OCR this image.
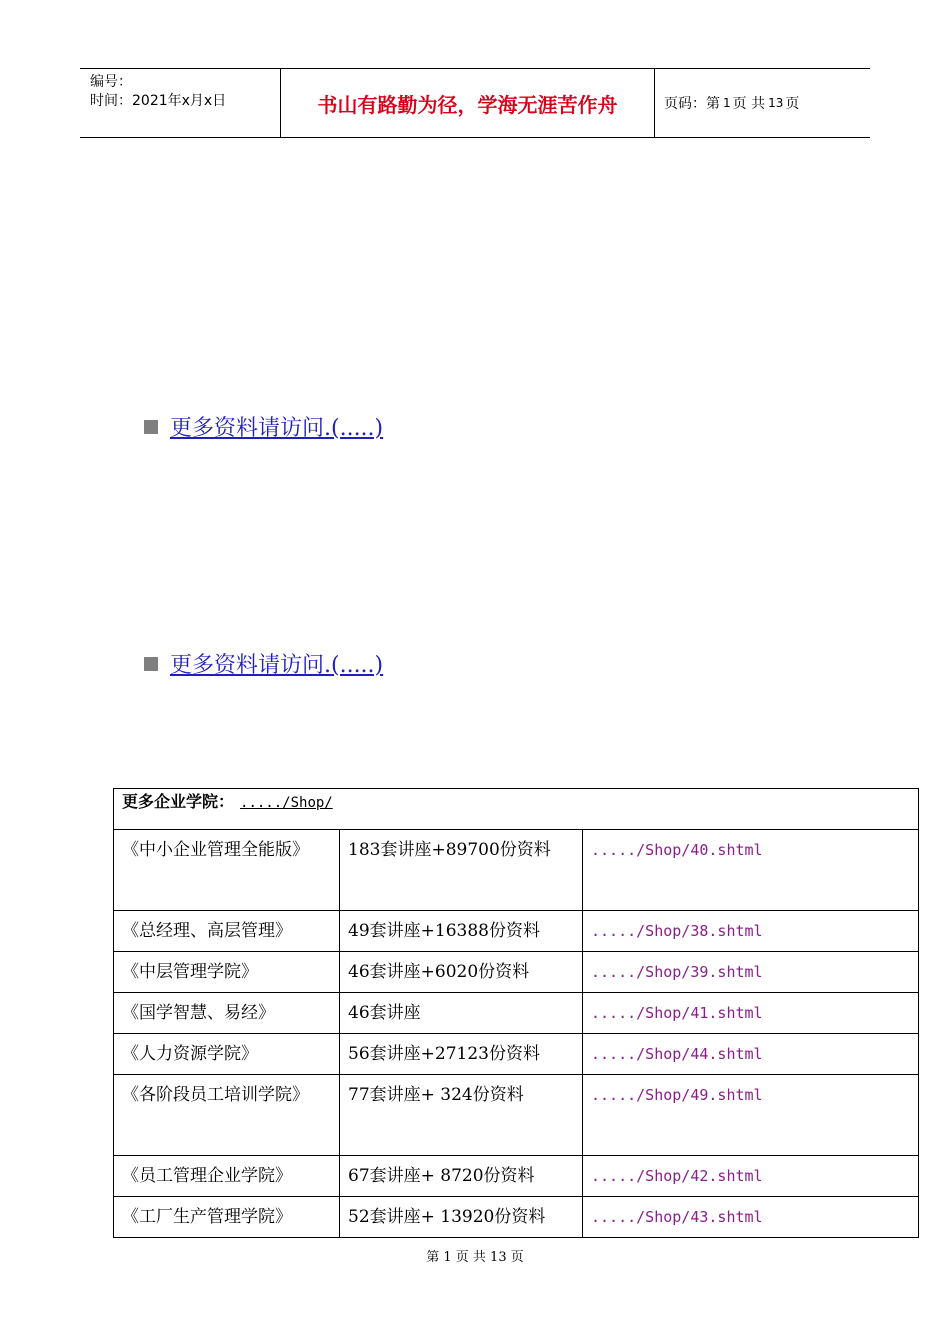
编号：
时间：2021年x月x日	书山有路勤为径，学海无涯苦作舟	页码：第 1 页 共 13 页
更多资料请访问.(.....)
更多资料请访问.(.....)
更多企业学院： ...../Shop/		
《中小企业管理全能版》	183套讲座+89700份资料	...../Shop/40.shtml
《总经理、高层管理》	49套讲座+16388份资料	...../Shop/38.shtml
《中层管理学院》	46套讲座+6020份资料	...../Shop/39.shtml
《国学智慧、易经》	46套讲座	...../Shop/41.shtml
《人力资源学院》	56套讲座+27123份资料	...../Shop/44.shtml
《各阶段员工培训学院》	77套讲座+ 324份资料	...../Shop/49.shtml
《员工管理企业学院》	67套讲座+ 8720份资料	...../Shop/42.shtml
《工厂生产管理学院》	52套讲座+ 13920份资料	...../Shop/43.shtml
第 1 页 共 13 页
